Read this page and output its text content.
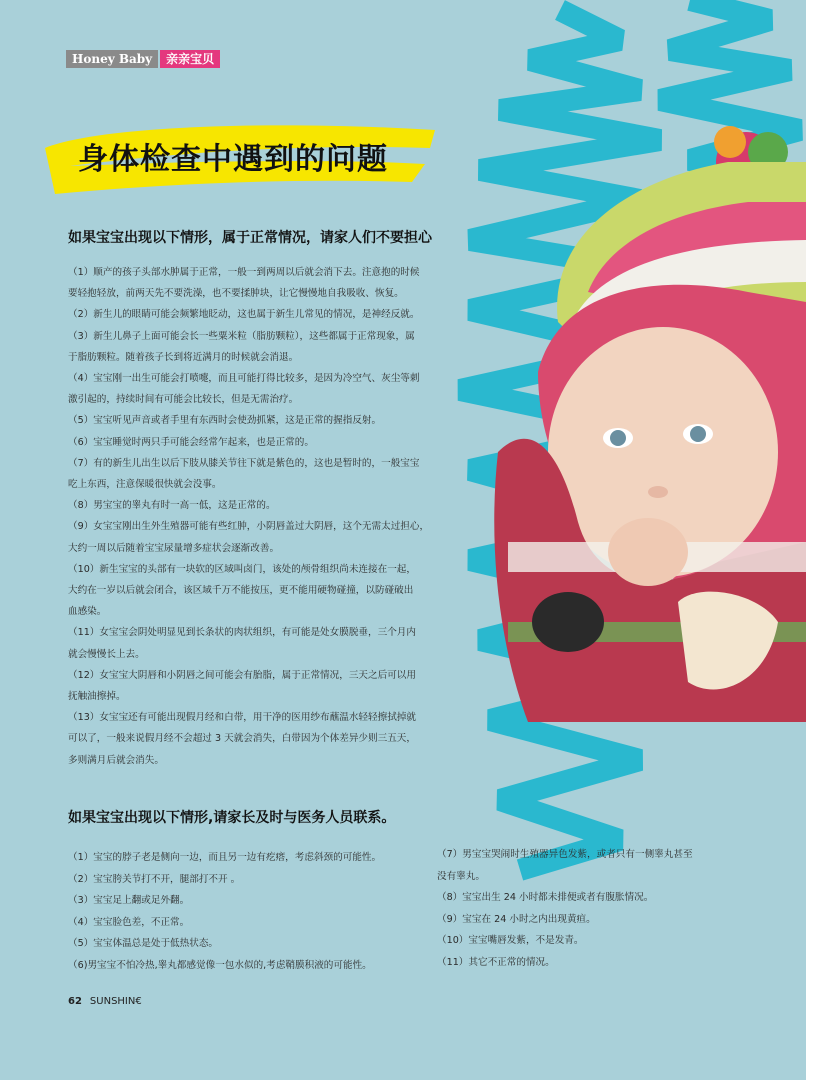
Honey Baby	亲亲宝贝
身体检查中遇到的问题
如果宝宝出现以下情形，属于正常情况，请家人们不要担心
（1）顺产的孩子头部水肿属于正常，一般一到两周以后就会消下去。注意抱的时候
要轻抱轻放，前两天先不要洗澡，也不要揉肿块，让它慢慢地自我吸收、恢复。
（2）新生儿的眼睛可能会频繁地眨动，这也属于新生儿常见的情况，是神经反就。
（3）新生儿鼻子上面可能会长一些粟米粒（脂肪颗粒），这些都属于正常现象，属
于脂肪颗粒。随着孩子长到将近满月的时候就会消退。
（4）宝宝刚一出生可能会打喷嚏，而且可能打得比较多，是因为冷空气、灰尘等刺
激引起的，持续时间有可能会比较长，但是无需治疗。
（5）宝宝听见声音或者手里有东西时会使劲抓紧，这是正常的握指反射。
（6）宝宝睡觉时两只手可能会经常乍起来，也是正常的。
（7）有的新生儿出生以后下肢从膝关节往下就是紫色的，这也是暂时的，一般宝宝
吃上东西，注意保暖很快就会没事。
（8）男宝宝的睾丸有时一高一低，这是正常的。
（9）女宝宝刚出生外生殖器可能有些红肿，小阴唇盖过大阴唇，这个无需太过担心，
大约一周以后随着宝宝尿量增多症状会逐渐改善。
（10）新生宝宝的头部有一块软的区域叫卤门，该处的颅骨组织尚未连接在一起，
大约在一岁以后就会闭合，该区域千万不能按压，更不能用硬物碰撞，以防碰破出
血感染。
（11）女宝宝会阴处明显见到长条状的肉状组织，有可能是处女膜脱垂，三个月内
就会慢慢长上去。
（12）女宝宝大阴唇和小阴唇之间可能会有胎脂，属于正常情况，三天之后可以用
抚触油擦掉。
（13）女宝宝还有可能出现假月经和白带，用干净的医用纱布蘸温水轻轻擦拭掉就
可以了，一般来说假月经不会超过 3 天就会消失，白带因为个体差异少则三五天，
多则满月后就会消失。
如果宝宝出现以下情形,请家长及时与医务人员联系。
（1）宝宝的脖子老是侧向一边，而且另一边有疙瘩，考虑斜颈的可能性。
（2）宝宝胯关节打不开，腿部打不开 。
（3）宝宝足上翻或足外翻。
（4）宝宝脸色差，不正常。
（5）宝宝体温总是处于低热状态。
（6)男宝宝不怕冷热,睾丸都感觉像一包水似的,考虑鞘膜积液的可能性。
（7）男宝宝哭闹时生殖器异色发紫，或者只有一侧睾丸甚至
没有睾丸。
（8）宝宝出生 24 小时都未排便或者有腹胀情况。
（9）宝宝在 24 小时之内出现黄疸。
（10）宝宝嘴唇发紫，不是发青。
（11）其它不正常的情况。
62 SUNSHIN€
